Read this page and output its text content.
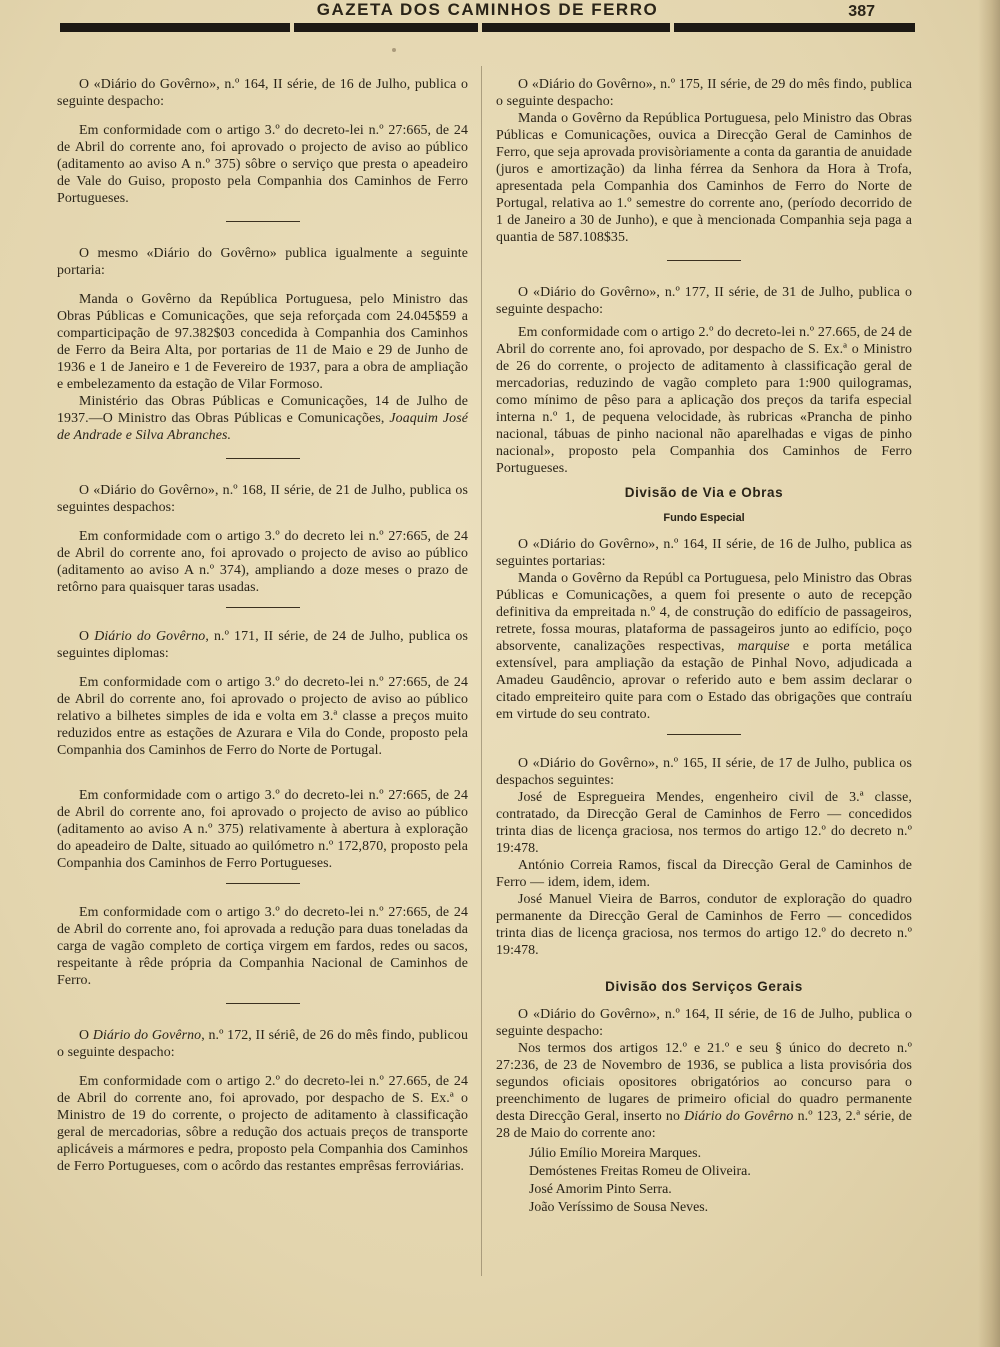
GAZETA DOS CAMINHOS DE FERRO	387

O «Diário do Govêrno», n.º 164, II série, de 16 de Julho, publica o seguinte despacho:

Em conformidade com o artigo 3.º do decreto-lei n.º 27:665, de 24 de Abril do corrente ano, foi aprovado o projecto de aviso ao público (aditamento ao aviso A n.º 375) sôbre o serviço que presta o apeadeiro de Vale do Guiso, proposto pela Companhia dos Caminhos de Ferro Portugueses.

O mesmo «Diário do Govêrno» publica igualmente a seguinte portaria:

Manda o Govêrno da República Portuguesa, pelo Ministro das Obras Públicas e Comunicações, que seja reforçada com 24.045$59 a comparticipação de 97.382$03 concedida à Companhia dos Caminhos de Ferro da Beira Alta, por portarias de 11 de Maio e 29 de Junho de 1936 e 1 de Janeiro e 1 de Fevereiro de 1937, para a obra de ampliação e embelezamento da estação de Vilar Formoso.

Ministério das Obras Públicas e Comunicações, 14 de Julho de 1937.—O Ministro das Obras Públicas e Comunicações, Joaquim José de Andrade e Silva Abranches.

O «Diário do Govêrno», n.º 168, II série, de 21 de Julho, publica os seguintes despachos:

Em conformidade com o artigo 3.º do decreto lei n.º 27:665, de 24 de Abril do corrente ano, foi aprovado o projecto de aviso ao público (aditamento ao aviso A n.º 374), ampliando a doze meses o prazo de retôrno para quaisquer taras usadas.

O Diário do Govêrno, n.º 171, II série, de 24 de Julho, publica os seguintes diplomas:

Em conformidade com o artigo 3.º do decreto-lei n.º 27:665, de 24 de Abril do corrente ano, foi aprovado o projecto de aviso ao público relativo a bilhetes simples de ida e volta em 3.ª classe a preços muito reduzidos entre as estações de Azurara e Vila do Conde, proposto pela Companhia dos Caminhos de Ferro do Norte de Portugal.

Em conformidade com o artigo 3.º do decreto-lei n.º 27:665, de 24 de Abril do corrente ano, foi aprovado o projecto de aviso ao público (aditamento ao aviso A n.º 375) relativamente à abertura à exploração do apeadeiro de Dalte, situado ao quilómetro n.º 172,870, proposto pela Companhia dos Caminhos de Ferro Portugueses.

Em conformidade com o artigo 3.º do decreto-lei n.º 27:665, de 24 de Abril do corrente ano, foi aprovada a redução para duas toneladas da carga de vagão completo de cortiça virgem em fardos, redes ou sacos, respeitante à rêde própria da Companhia Nacional de Caminhos de Ferro.

O Diário do Govêrno, n.º 172, II sériê, de 26 do mês findo, publicou o seguinte despacho:

Em conformidade com o artigo 2.º do decreto-lei n.º 27.665, de 24 de Abril do corrente ano, foi aprovado, por despacho de S. Ex.ª o Ministro de 19 do corrente, o projecto de aditamento à classificação geral de mercadorias, sôbre a redução dos actuais preços de transporte aplicáveis a mármores e pedra, proposto pela Companhia dos Caminhos de Ferro Portugueses, com o acôrdo das restantes emprêsas ferroviárias.

O «Diário do Govêrno», n.º 175, II série, de 29 do mês findo, publica o seguinte despacho:

Manda o Govêrno da República Portuguesa, pelo Ministro das Obras Públicas e Comunicações, ouvica a Direcção Geral de Caminhos de Ferro, que seja aprovada provisòriamente a conta da garantia de anuidade (juros e amortização) da linha férrea da Senhora da Hora à Trofa, apresentada pela Companhia dos Caminhos de Ferro do Norte de Portugal, relativa ao 1.º semestre do corrente ano, (período decorrido de 1 de Janeiro a 30 de Junho), e que à mencionada Companhia seja paga a quantia de 587.108$35.

O «Diário do Govêrno», n.º 177, II série, de 31 de Julho, publica o seguinte despacho:

Em conformidade com o artigo 2.º do decreto-lei n.º 27.665, de 24 de Abril do corrente ano, foi aprovado, por despacho de S. Ex.ª o Ministro de 26 do corrente, o projecto de aditamento à classificação geral de mercadorias, reduzindo de vagão completo para 1:900 quilogramas, como mínimo de pêso para a aplicação dos preços da tarifa especial interna n.º 1, de pequena velocidade, às rubricas «Prancha de pinho nacional, tábuas de pinho nacional não aparelhadas e vigas de pinho nacional», proposto pela Companhia dos Caminhos de Ferro Portugueses.

Divisão de Via e Obras
Fundo Especial

O «Diário do Govêrno», n.º 164, II série, de 16 de Julho, publica as seguintes portarias:

Manda o Govêrno da Repúbl ca Portuguesa, pelo Ministro das Obras Públicas e Comunicações, a quem foi presente o auto de recepção definitiva da empreitada n.º 4, de construção do edifício de passageiros, retrete, fossa mouras, plataforma de passageiros junto ao edifício, poço absorvente, canalizações respectivas, marquise e porta metálica extensível, para ampliação da estação de Pinhal Novo, adjudicada a Amadeu Gaudêncio, aprovar o referido auto e bem assim declarar o citado empreiteiro quite para com o Estado das obrigações que contraíu em virtude do seu contrato.

O «Diário do Govêrno», n.º 165, II série, de 17 de Julho, publica os despachos seguintes:

José de Espregueira Mendes, engenheiro civil de 3.ª classe, contratado, da Direcção Geral de Caminhos de Ferro — concedidos trinta dias de licença graciosa, nos termos do artigo 12.º do decreto n.º 19:478.

António Correia Ramos, fiscal da Direcção Geral de Caminhos de Ferro — idem, idem, idem.

José Manuel Vieira de Barros, condutor de exploração do quadro permanente da Direcção Geral de Caminhos de Ferro — concedidos trinta dias de licença graciosa, nos termos do artigo 12.º do decreto n.º 19:478.

Divisão dos Serviços Gerais

O «Diário do Govêrno», n.º 164, II série, de 16 de Julho, publica o seguinte despacho:

Nos termos dos artigos 12.º e 21.º e seu § único do decreto n.º 27:236, de 23 de Novembro de 1936, se publica a lista provisória dos segundos oficiais opositores obrigatórios ao concurso para o preenchimento de lugares de primeiro oficial do quadro permanente desta Direcção Geral, inserto no Diário do Govêrno n.º 123, 2.ª série, de 28 de Maio do corrente ano:

Júlio Emílio Moreira Marques.

Demóstenes Freitas Romeu de Oliveira.

José Amorim Pinto Serra.

João Veríssimo de Sousa Neves.
